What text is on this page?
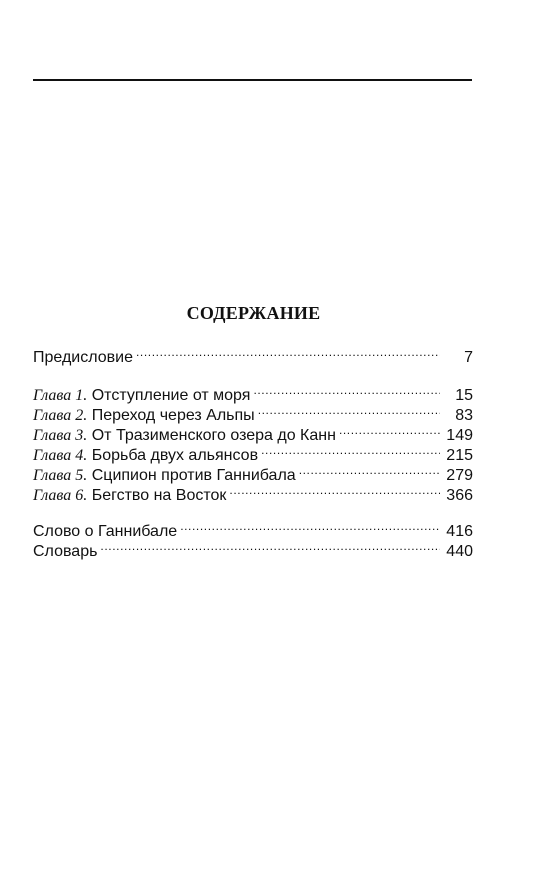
СОДЕРЖАНИЕ
Предисловие .....	7
Глава 1. Отступление от моря .....	15
Глава 2. Переход через Альпы .....	83
Глава 3. От Тразименского озера до Канн .....	149
Глава 4. Борьба двух альянсов .....	215
Глава 5. Сципион против Ганнибала .....	279
Глава 6. Бегство на Восток .....	366
Слово о Ганнибале .....	416
Словарь .....	440
